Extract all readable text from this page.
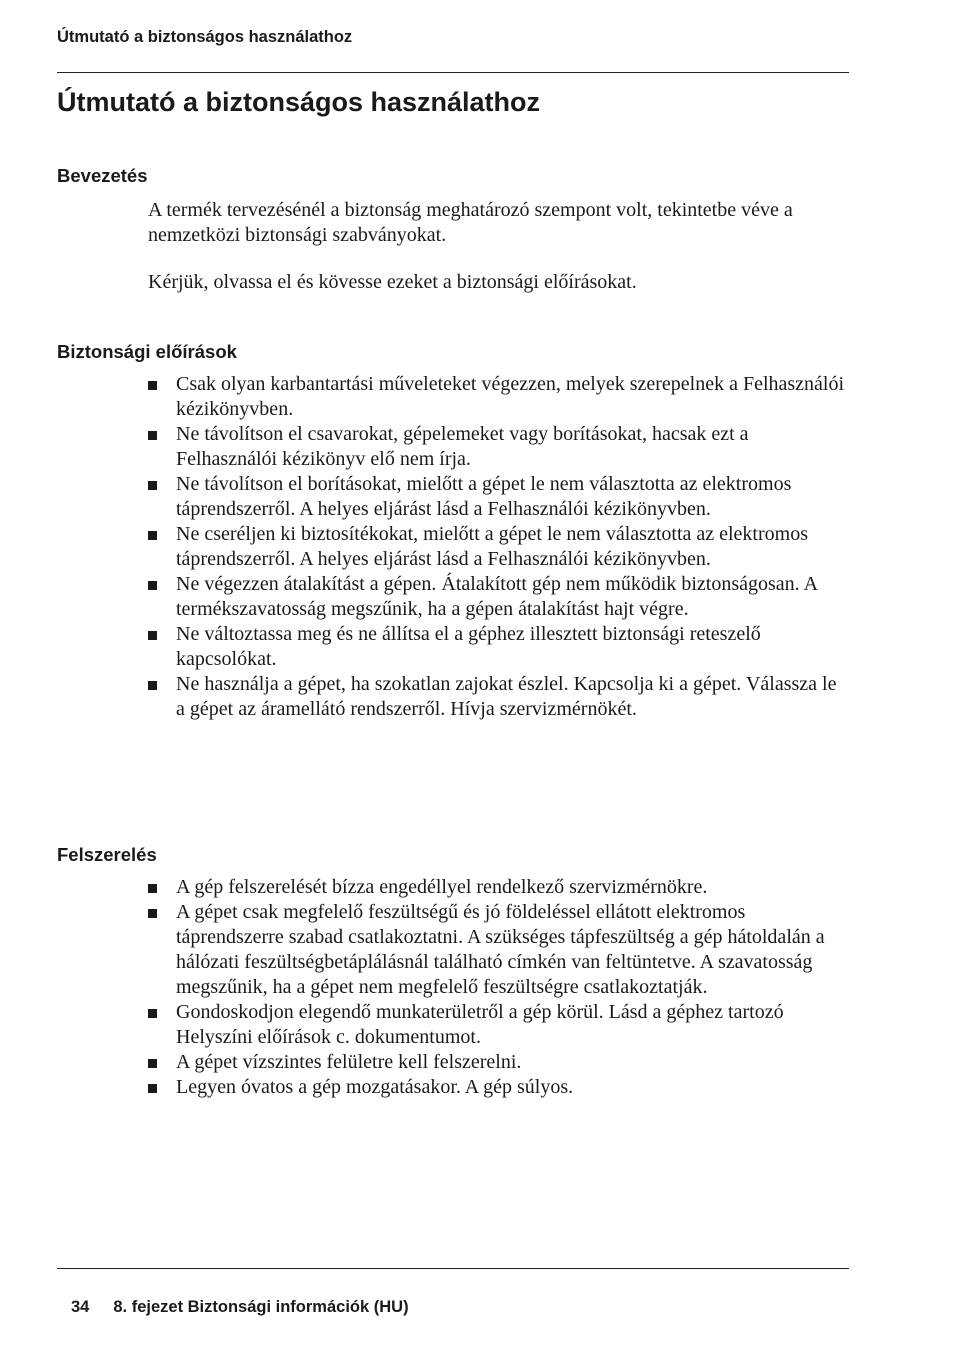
Útmutató a biztonságos használathoz
Útmutató a biztonságos használathoz
Bevezetés

A termék tervezésénél a biztonság meghatározó szempont volt, tekintetbe véve a nemzetközi biztonsági szabványokat.

Kérjük, olvassa el és kövesse ezeket a biztonsági előírásokat.

Biztonsági előírások
Csak olyan karbantartási műveleteket végezzen, melyek szerepelnek a Felhasználói kézikönyvben.
Ne távolítson el csavarokat, gépelemeket vagy borításokat, hacsak ezt a Felhasználói kézikönyv elő nem írja.
Ne távolítson el borításokat, mielőtt a gépet le nem választotta az elektromos táprendszerről. A helyes eljárást lásd a Felhasználói kézikönyvben.
Ne cseréljen ki biztosítékokat, mielőtt a gépet le nem választotta az elektromos táprendszerről. A helyes eljárást lásd a Felhasználói kézikönyvben.
Ne végezzen átalakítást a gépen. Átalakított gép nem működik biztonságosan. A termékszavatosság megszűnik, ha a gépen átalakítást hajt végre.
Ne változtassa meg és ne állítsa el a géphez illesztett biztonsági reteszelő kapcsolókat.
Ne használja a gépet, ha szokatlan zajokat észlel. Kapcsolja ki a gépet. Válassza le a gépet az áramellátó rendszerről. Hívja szervizmérnökét.
Felszerelés
A gép felszerelését bízza engedéllyel rendelkező szervizmérnökre.
A gépet csak megfelelő feszültségű és jó földeléssel ellátott elektromos táprendszerre szabad csatlakoztatni. A szükséges tápfeszültség a gép hátoldalán a hálózati feszültségbetáplálásnál található címkén van feltüntetve. A szavatosság megszűnik, ha a gépet nem megfelelő feszültségre csatlakoztatják.
Gondoskodjon elegendő munkaterületről a gép körül. Lásd a géphez tartozó Helyszíni előírások c. dokumentumot.
A gépet vízszintes felületre kell felszerelni.
Legyen óvatos a gép mozgatásakor. A gép súlyos.
34 8. fejezet Biztonsági információk (HU)
